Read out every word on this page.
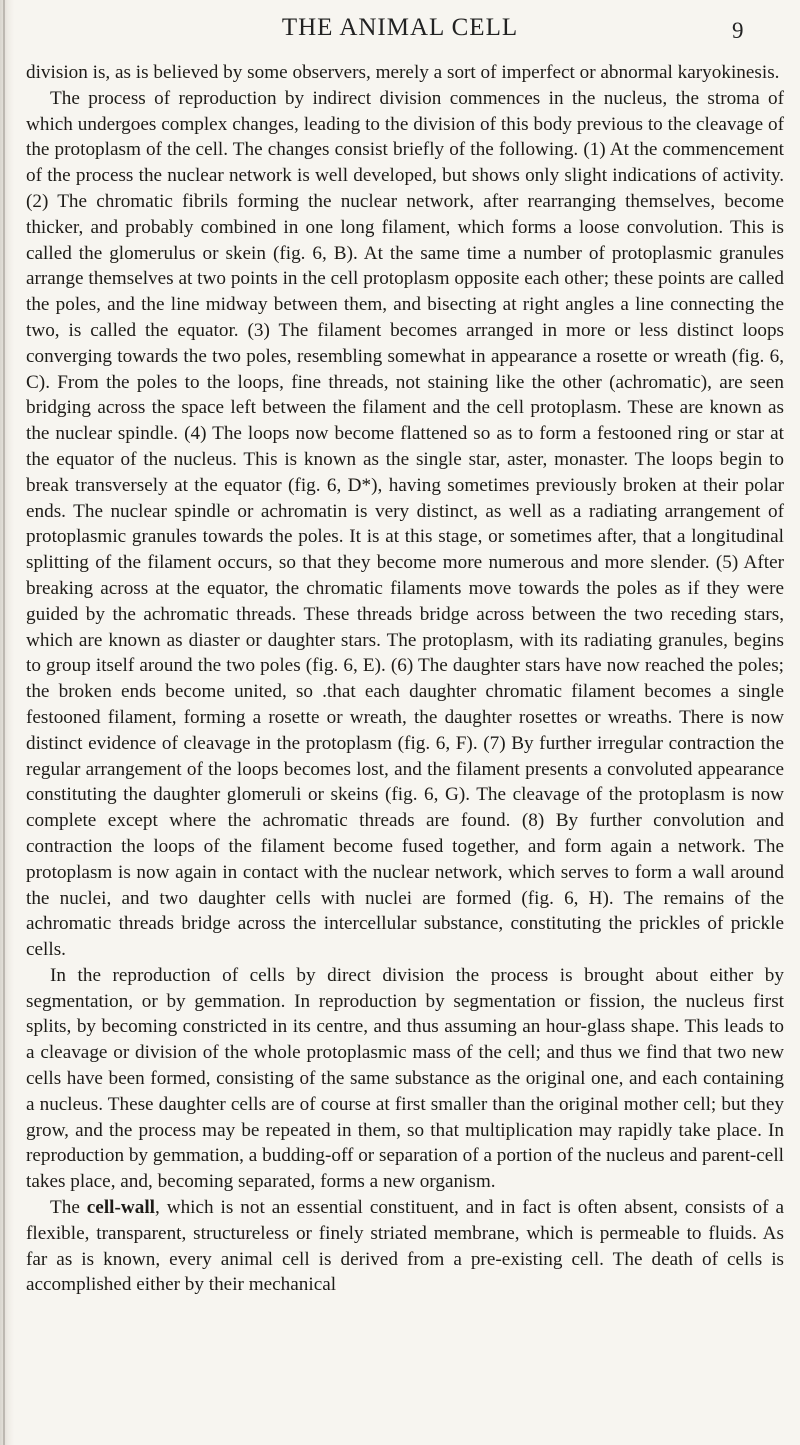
THE ANIMAL CELL	9

division is, as is believed by some observers, merely a sort of imperfect or abnormal karyokinesis.

The process of reproduction by indirect division commences in the nucleus, the stroma of which undergoes complex changes, leading to the division of this body previous to the cleavage of the protoplasm of the cell. The changes consist briefly of the following. (1) At the commencement of the process the nuclear network is well developed, but shows only slight indications of activity. (2) The chromatic fibrils forming the nuclear network, after rearranging themselves, become thicker, and probably combined in one long filament, which forms a loose convolution. This is called the glomerulus or skein (fig. 6, B). At the same time a number of protoplasmic granules arrange themselves at two points in the cell protoplasm opposite each other; these points are called the poles, and the line midway between them, and bisecting at right angles a line connecting the two, is called the equator. (3) The filament becomes arranged in more or less distinct loops converging towards the two poles, resembling somewhat in appearance a rosette or wreath (fig. 6, C). From the poles to the loops, fine threads, not staining like the other (achromatic), are seen bridging across the space left between the filament and the cell protoplasm. These are known as the nuclear spindle. (4) The loops now become flattened so as to form a festooned ring or star at the equator of the nucleus. This is known as the single star, aster, monaster. The loops begin to break transversely at the equator (fig. 6, D*), having sometimes previously broken at their polar ends. The nuclear spindle or achromatin is very distinct, as well as a radiating arrangement of protoplasmic granules towards the poles. It is at this stage, or sometimes after, that a longitudinal splitting of the filament occurs, so that they become more numerous and more slender. (5) After breaking across at the equator, the chromatic filaments move towards the poles as if they were guided by the achromatic threads. These threads bridge across between the two receding stars, which are known as diaster or daughter stars. The protoplasm, with its radiating granules, begins to group itself around the two poles (fig. 6, E). (6) The daughter stars have now reached the poles; the broken ends become united, so .that each daughter chromatic filament becomes a single festooned filament, forming a rosette or wreath, the daughter rosettes or wreaths. There is now distinct evidence of cleavage in the protoplasm (fig. 6, F). (7) By further irregular contraction the regular arrangement of the loops becomes lost, and the filament presents a convoluted appearance constituting the daughter glomeruli or skeins (fig. 6, G). The cleavage of the protoplasm is now complete except where the achromatic threads are found. (8) By further convolution and contraction the loops of the filament become fused together, and form again a network. The protoplasm is now again in contact with the nuclear network, which serves to form a wall around the nuclei, and two daughter cells with nuclei are formed (fig. 6, H). The remains of the achromatic threads bridge across the intercellular substance, constituting the prickles of prickle cells.

In the reproduction of cells by direct division the process is brought about either by segmentation, or by gemmation. In reproduction by segmentation or fission, the nucleus first splits, by becoming constricted in its centre, and thus assuming an hour-glass shape. This leads to a cleavage or division of the whole protoplasmic mass of the cell; and thus we find that two new cells have been formed, consisting of the same substance as the original one, and each containing a nucleus. These daughter cells are of course at first smaller than the original mother cell; but they grow, and the process may be repeated in them, so that multiplication may rapidly take place. In reproduction by gemmation, a budding-off or separation of a portion of the nucleus and parent-cell takes place, and, becoming separated, forms a new organism.

The cell-wall, which is not an essential constituent, and in fact is often absent, consists of a flexible, transparent, structureless or finely striated membrane, which is permeable to fluids. As far as is known, every animal cell is derived from a pre-existing cell. The death of cells is accomplished either by their mechanical
